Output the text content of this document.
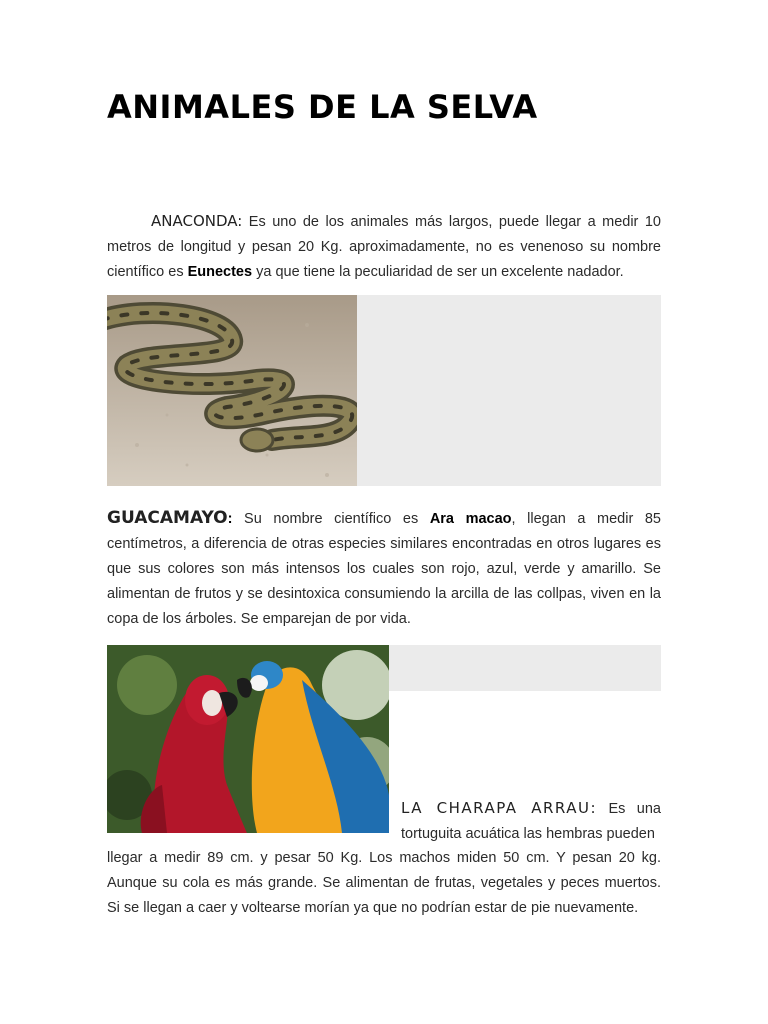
ANIMALES DE LA SELVA

ANACONDA: Es uno de los animales más largos, puede llegar a medir 10 metros de longitud y pesan 20 Kg. aproximadamente, no es venenoso su nombre científico es Eunectes ya que tiene la peculiaridad de ser un excelente nadador.

GUACAMAYO: Su nombre científico es Ara macao, llegan a medir 85 centímetros, a diferencia de otras especies similares encontradas en otros lugares es que sus colores son más intensos los cuales son rojo, azul, verde y amarillo. Se alimentan de frutos y se desintoxica consumiendo la arcilla de las collpas, viven en la copa de los árboles. Se emparejan de por vida.

LA CHARAPA ARRAU: Es una tortuguita acuática las hembras pueden

llegar a medir 89 cm. y pesar 50 Kg. Los machos miden 50 cm. Y pesan 20 kg. Aunque su cola es más grande. Se alimentan de frutas, vegetales y peces muertos. Si se llegan a caer y voltearse morían ya que no podrían estar de pie nuevamente.
